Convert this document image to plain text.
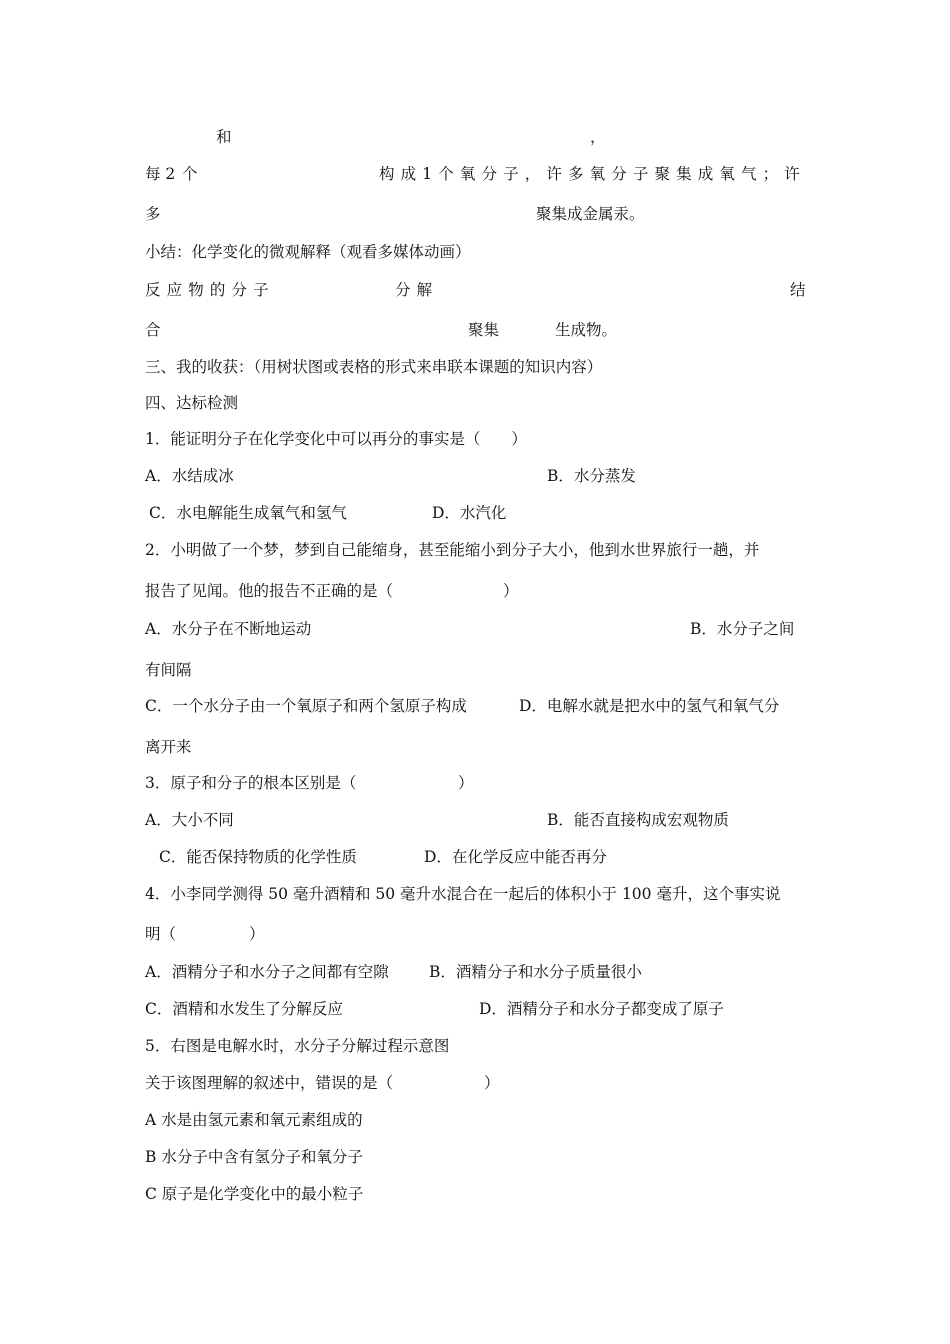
和	，
每 2 个	构 成 1 个 氧 分 子 ， 许 多 氧 分 子 聚 集 成 氧 气 ； 许
多	聚集成金属汞。
小结：化学变化的微观解释（观看多媒体动画）
反 应 物 的 分 子	分 解	结
合	聚集	生成物。
三、我的收获：（用树状图或表格的形式来串联本课题的知识内容）
四、达标检测
1．能证明分子在化学变化中可以再分的事实是（　　）
A．水结成冰	B．水分蒸发
C．水电解能生成氧气和氢气	D．水汽化
2．小明做了一个梦，梦到自己能缩身，甚至能缩小到分子大小，他到水世界旅行一趟，并
报告了见闻。他的报告不正确的是（	）
A．水分子在不断地运动	B．水分子之间
有间隔
C．一个水分子由一个氧原子和两个氢原子构成	D．电解水就是把水中的氢气和氧气分
离开来
3．原子和分子的根本区别是（	）
A．大小不同	B．能否直接构成宏观物质
C．能否保持物质的化学性质	D．在化学反应中能否再分
4．小李同学测得 50 毫升酒精和 50 毫升水混合在一起后的体积小于 100 毫升，这个事实说
明（	）
A．酒精分子和水分子之间都有空隙	B．酒精分子和水分子质量很小
C．酒精和水发生了分解反应	D．酒精分子和水分子都变成了原子
5．右图是电解水时，水分子分解过程示意图
关于该图理解的叙述中，错误的是（	）
A 水是由氢元素和氧元素组成的
B 水分子中含有氢分子和氧分子
C 原子是化学变化中的最小粒子
